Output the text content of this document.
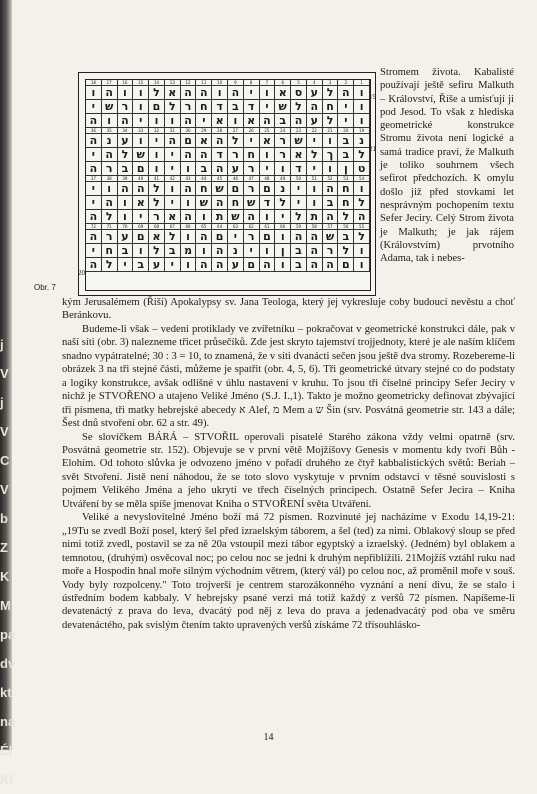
j
V
j
V
C
V
b
Z
K
M
pa
dv
kt
na
Él
Kl
18	17	16	15	14	13	12	11	10	9	8	7	6	5	4	3	2	1
ו ה ו	ו ל א ה ה ו ה י	ו א ס ע ל ה ו
י ש ר ו ם ל ר ח ד ב ד י ש ל ה ח י	ו
ה ו ה י	ו	ו ה י א ו א ה ב ה ע ל י	ו
36	35	34	33	32	31	30	29	28	27	26	25	24	23	22	21	20	19
ה נ ע ו	י ה ם א ה ל י א ר ש י	ו ב נ
י ה ל ש ו	י ה ה ד ר ח ו ר א ל ך ב ל
ה ר ב ם ו	י	ו ב ה ע ר י	ו ד י	ו	ן ט
37	38	39	40	41	42	43	44	45	46	47	48	49	50	51	52	53	54
י	ו ה ה ל ו ה ח ש ם ר ם נ	י	ו ה ח ו
י ה ו א ל י	ו ש ה ח ש ד ל י	ו ב ח ל
ה ל ו	י ר א ה ו ת ש ה ו	י ל ת ה ל ה
72	71	70	69	68	67	66	65	64	63	62	61	60	59	58	57	56	55
ה ר ע ם א ל ו ה ם י ר ם ו ה ה ש ב ל
י ח ב ו ל ב מ ו ה נ	י	ו	ן ב ה ר ל ו
ה ל י ב ע י	ו ה ה ע ם ה ו ב ה ה ם ו
19
21
20
Obr. 7

Stromem života. Kabalisté používají ještě sefiru Malkuth – Království, Říše a umisťují ji pod Jesod. To však z hlediska geometrické konstrukce Stromu života není logické a samá tradice praví, že Malkuth je toliko souhrnem všech sefirot předchozích. K omylu došlo již před stovkami let nesprávným pochopením textu Sefer Jeciry. Celý Strom života je Malkuth; je jak rájem (Královstvím) prvotního Adama, tak i nebes-

kým Jerusalémem (Říší) Apokalypsy sv. Jana Teologa, který jej vykresluje coby budoucí nevěstu a choť Beránkovu.

Budeme-li však – vedeni protiklady ve zvířetníku – pokračovat v geometrické konstrukci dále, pak v naší síti (obr. 3) nalezneme třicet průsečíků. Zde jest skryto tajemství trojjednoty, které je ale naším klíčem snadno vypátratelné; 30 : 3 = 10, to znamená, že v síti dvanácti sečen jsou ještě dva stromy. Rozebereme-li obrázek 3 na tři stejné části, můžeme je spatřit (obr. 4, 5, 6). Tři geometrické útvary stejné co do podstaty a logiky konstrukce, avšak odlišné v úhlu nastavení v kruhu. To jsou tři číselné principy Sefer Jeciry v nichž je STVOŘENO a utajeno Veliké Jméno (S.J. I.,1). Takto je možno geometricky definovat zbývající tři písmena, tři matky hebrejské abecedy א Alef, מ Mem a ש Šin (srv. Posvátná geometrie str. 143 a dále; Šest dnů stvoření obr. 62 a str. 49).

Se slovíčkem BÁRÁ – STVOŘIL operovali pisatelé Starého zákona vždy velmi opatrně (srv. Posvátná geometrie str. 152). Objevuje se v první větě Mojžíšovy Genesis v momentu kdy tvoří Bůh - Elohím. Od tohoto slůvka je odvozeno jméno v pořadí druhého ze čtyř kabbalistických světů: Beriah – svět Stvoření. Jistě není náhodou, že se toto slovo vyskytuje v prvním odstavci v těsné souvislosti s pojmem Velikého Jména a jeho ukrytí ve třech číselných principech. Ostatně Sefer Jecira – Kniha Utváření by se měla spíše jmenovat Kniha o STVOŘENÍ světa Utváření.

Veliké a nevyslovitelné Jméno boží má 72 písmen. Rozvinuté jej nacházíme v Exodu 14,19-21: „19Tu se zvedl Boží posel, který šel před izraelským táborem, a šel (ted) za nimi. Oblakový sloup se před nimi totiž zvedl, postavil se za ně 20a vstoupil mezi tábor egyptský a izraelský. (Jedném) byl oblakem a temnotou, (druhým) osvěcoval noc; po celou noc se jedni k druhým nepřiblížili. 21Mojžíš vztáhl ruku nad moře a Hospodin hnal moře silným východním větrem, (který vál) po celou noc, až proměnil moře v souš. Vody byly rozpolceny." Toto trojverší je centrem starozákonného vyznání a není divu, že se stalo i ústředním bodem kabbaly. V hebrejsky psané verzi má totiž každý z veršů 72 písmen. Napíšeme-li devatenáctý z prava do leva, dvacátý pod něj z leva do prava a jedenadvacátý pod oba ve směru devatenáctého, pak svislým čtením takto upravených veršů získáme 72 třísouhlásko-

14
